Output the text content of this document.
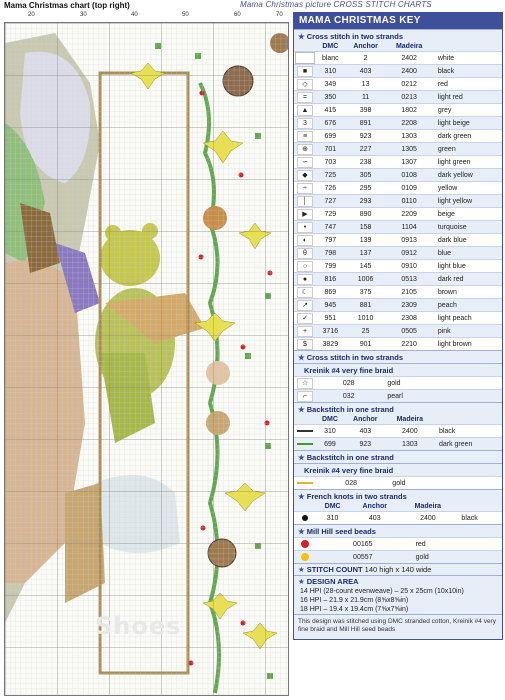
Mama Christmas chart (top right)	Mama Christmas picture CROSS STITCH CHARTS
20	30	40	50	60	70
Shoes
MAMA CHRISTMAS KEY
★ Cross stitch in two strands
	DMC	Anchor	Madeira	
	blanc	2	2402	white
■	310	403	2400	black
◇	349	13	0212	red
=	350	11	0213	light red
▲	415	398	1802	grey
3	676	891	2208	light beige
≡	699	923	1303	dark green
⊕	701	227	1305	green
∽	703	238	1307	light green
◆	725	305	0108	dark yellow
÷	726	295	0109	yellow
│	727	293	0110	light yellow
▶	729	890	2209	beige
•	747	158	1104	turquoise
◐	797	139	0913	dark blue
θ	798	137	0912	blue
○	799	145	0910	light blue
●	816	1006	0513	dark red
☾	869	375	2105	brown
↗	945	881	2309	peach
✓	951	1010	2308	light peach
+	3716	25	0505	pink
$	3829	901	2210	light brown
★ Cross stitch in two strands
Kreinik #4 very fine braid
☆	028			gold
⌐	032			pearl
★ Backstitch in one strand
	DMC	Anchor	Madeira	
	310	403	2400	black
	699	923	1303	dark green
★ Backstitch in one strand
Kreinik #4 very fine braid
	028			gold
★ French knots in two strands
	DMC	Anchor	Madeira	
	310	403	2400	black
★ Mill Hill seed beads
	00165			red
	00557			gold
★ STITCH COUNT 140 high x 140 wide
★ DESIGN AREA
14 HPI (28-count evenweave) – 25 x 25cm (10x10in)
16 HPI – 21.9 x 21.9cm (8⅝x8⅝in)
18 HPI – 19.4 x 19.4cm (7⅝x7⅝in)
This design was stitched using DMC stranded cotton, Kreinik #4 very fine braid and Mill Hill seed beads
